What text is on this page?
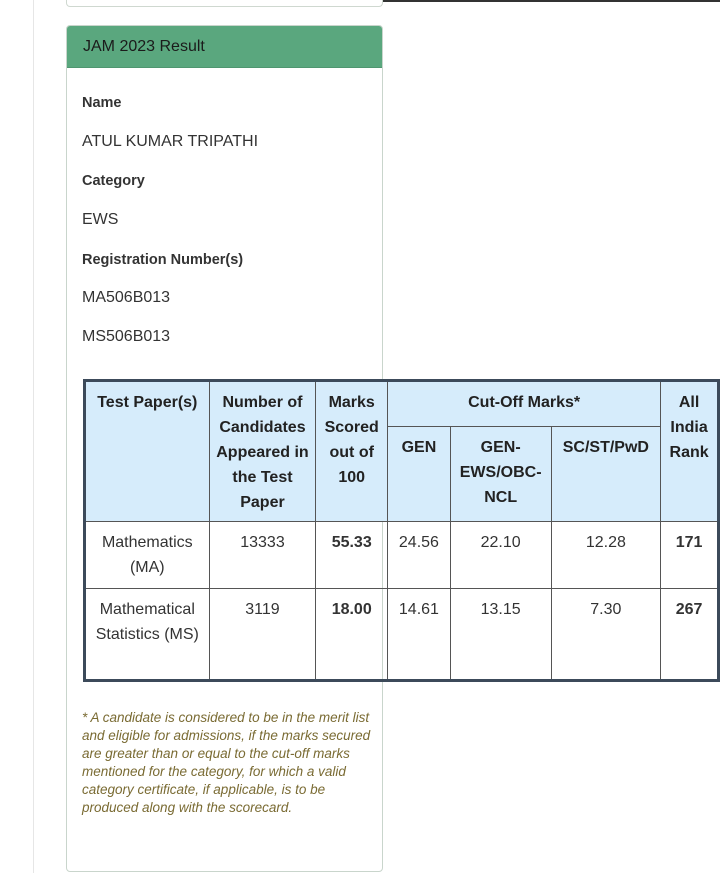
JAM 2023 Result
Name
ATUL KUMAR TRIPATHI
Category
EWS
Registration Number(s)
MA506B013
MS506B013
Test Paper(s)	Number of Candidates Appeared in the Test Paper	Marks Scored out of 100	Cut-Off Marks*			All India Rank
			GEN	GEN-EWS/OBC-NCL	SC/ST/PwD	
Mathematics (MA)	13333	55.33	24.56	22.10	12.28	171
Mathematical Statistics (MS)	3119	18.00	14.61	13.15	7.30	267
* A candidate is considered to be in the merit list and eligible for admissions, if the marks secured are greater than or equal to the cut-off marks mentioned for the category, for which a valid category certificate, if applicable, is to be produced along with the scorecard.
